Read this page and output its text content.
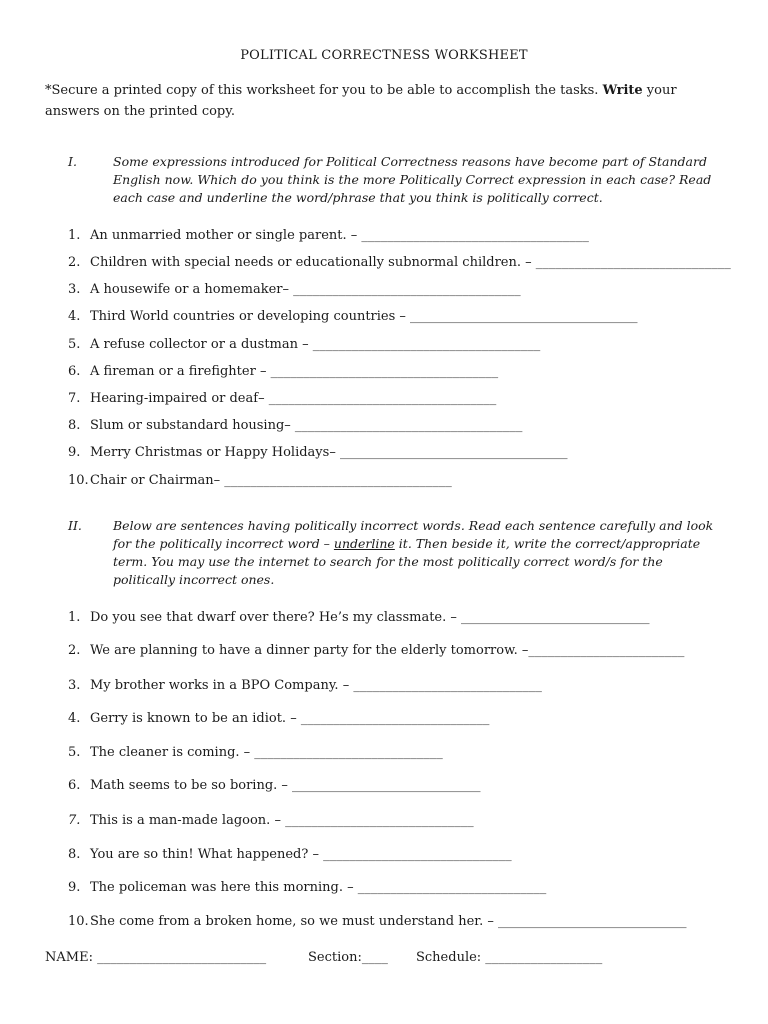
POLITICAL CORRECTNESS WORKSHEET
*Secure a printed copy of this worksheet for you to be able to accomplish the tasks. Write your answers on the printed copy.
I.	Some expressions introduced for Political Correctness reasons have become part of Standard English now. Which do you think is the more Politically Correct expression in each case? Read each case and underline the word/phrase that you think is politically correct.
1. An unmarried mother or single parent. – ___________________________________
2. Children with special needs or educationally subnormal children. – ______________________________
3. A housewife or a homemaker– ___________________________________
4. Third World countries or developing countries – ___________________________________
5. A refuse collector or a dustman – ___________________________________
6. A fireman or a firefighter – ___________________________________
7. Hearing-impaired or deaf– ___________________________________
8. Slum or substandard housing– ___________________________________
9. Merry Christmas or Happy Holidays– ___________________________________
10.Chair or Chairman– ___________________________________
II. Below are sentences having politically incorrect words. Read each sentence carefully and look for the politically incorrect word – underline it. Then beside it, write the correct/appropriate term. You may use the internet to search for the most politically correct word/s for the politically incorrect ones.
1. Do you see that dwarf over there? He’s my classmate. – _____________________________
2. We are planning to have a dinner party for the elderly tomorrow. –________________________
3. My brother works in a BPO Company. – _____________________________
4. Gerry is known to be an idiot. – _____________________________
5. The cleaner is coming. – _____________________________
6. Math seems to be so boring. – _____________________________
7. This is a man-made lagoon. – _____________________________
8. You are so thin! What happened? – _____________________________
9. The policeman was here this morning. – _____________________________
10.She come from a broken home, so we must understand her. – _____________________________
NAME: __________________________	Section:____ Schedule: __________________
